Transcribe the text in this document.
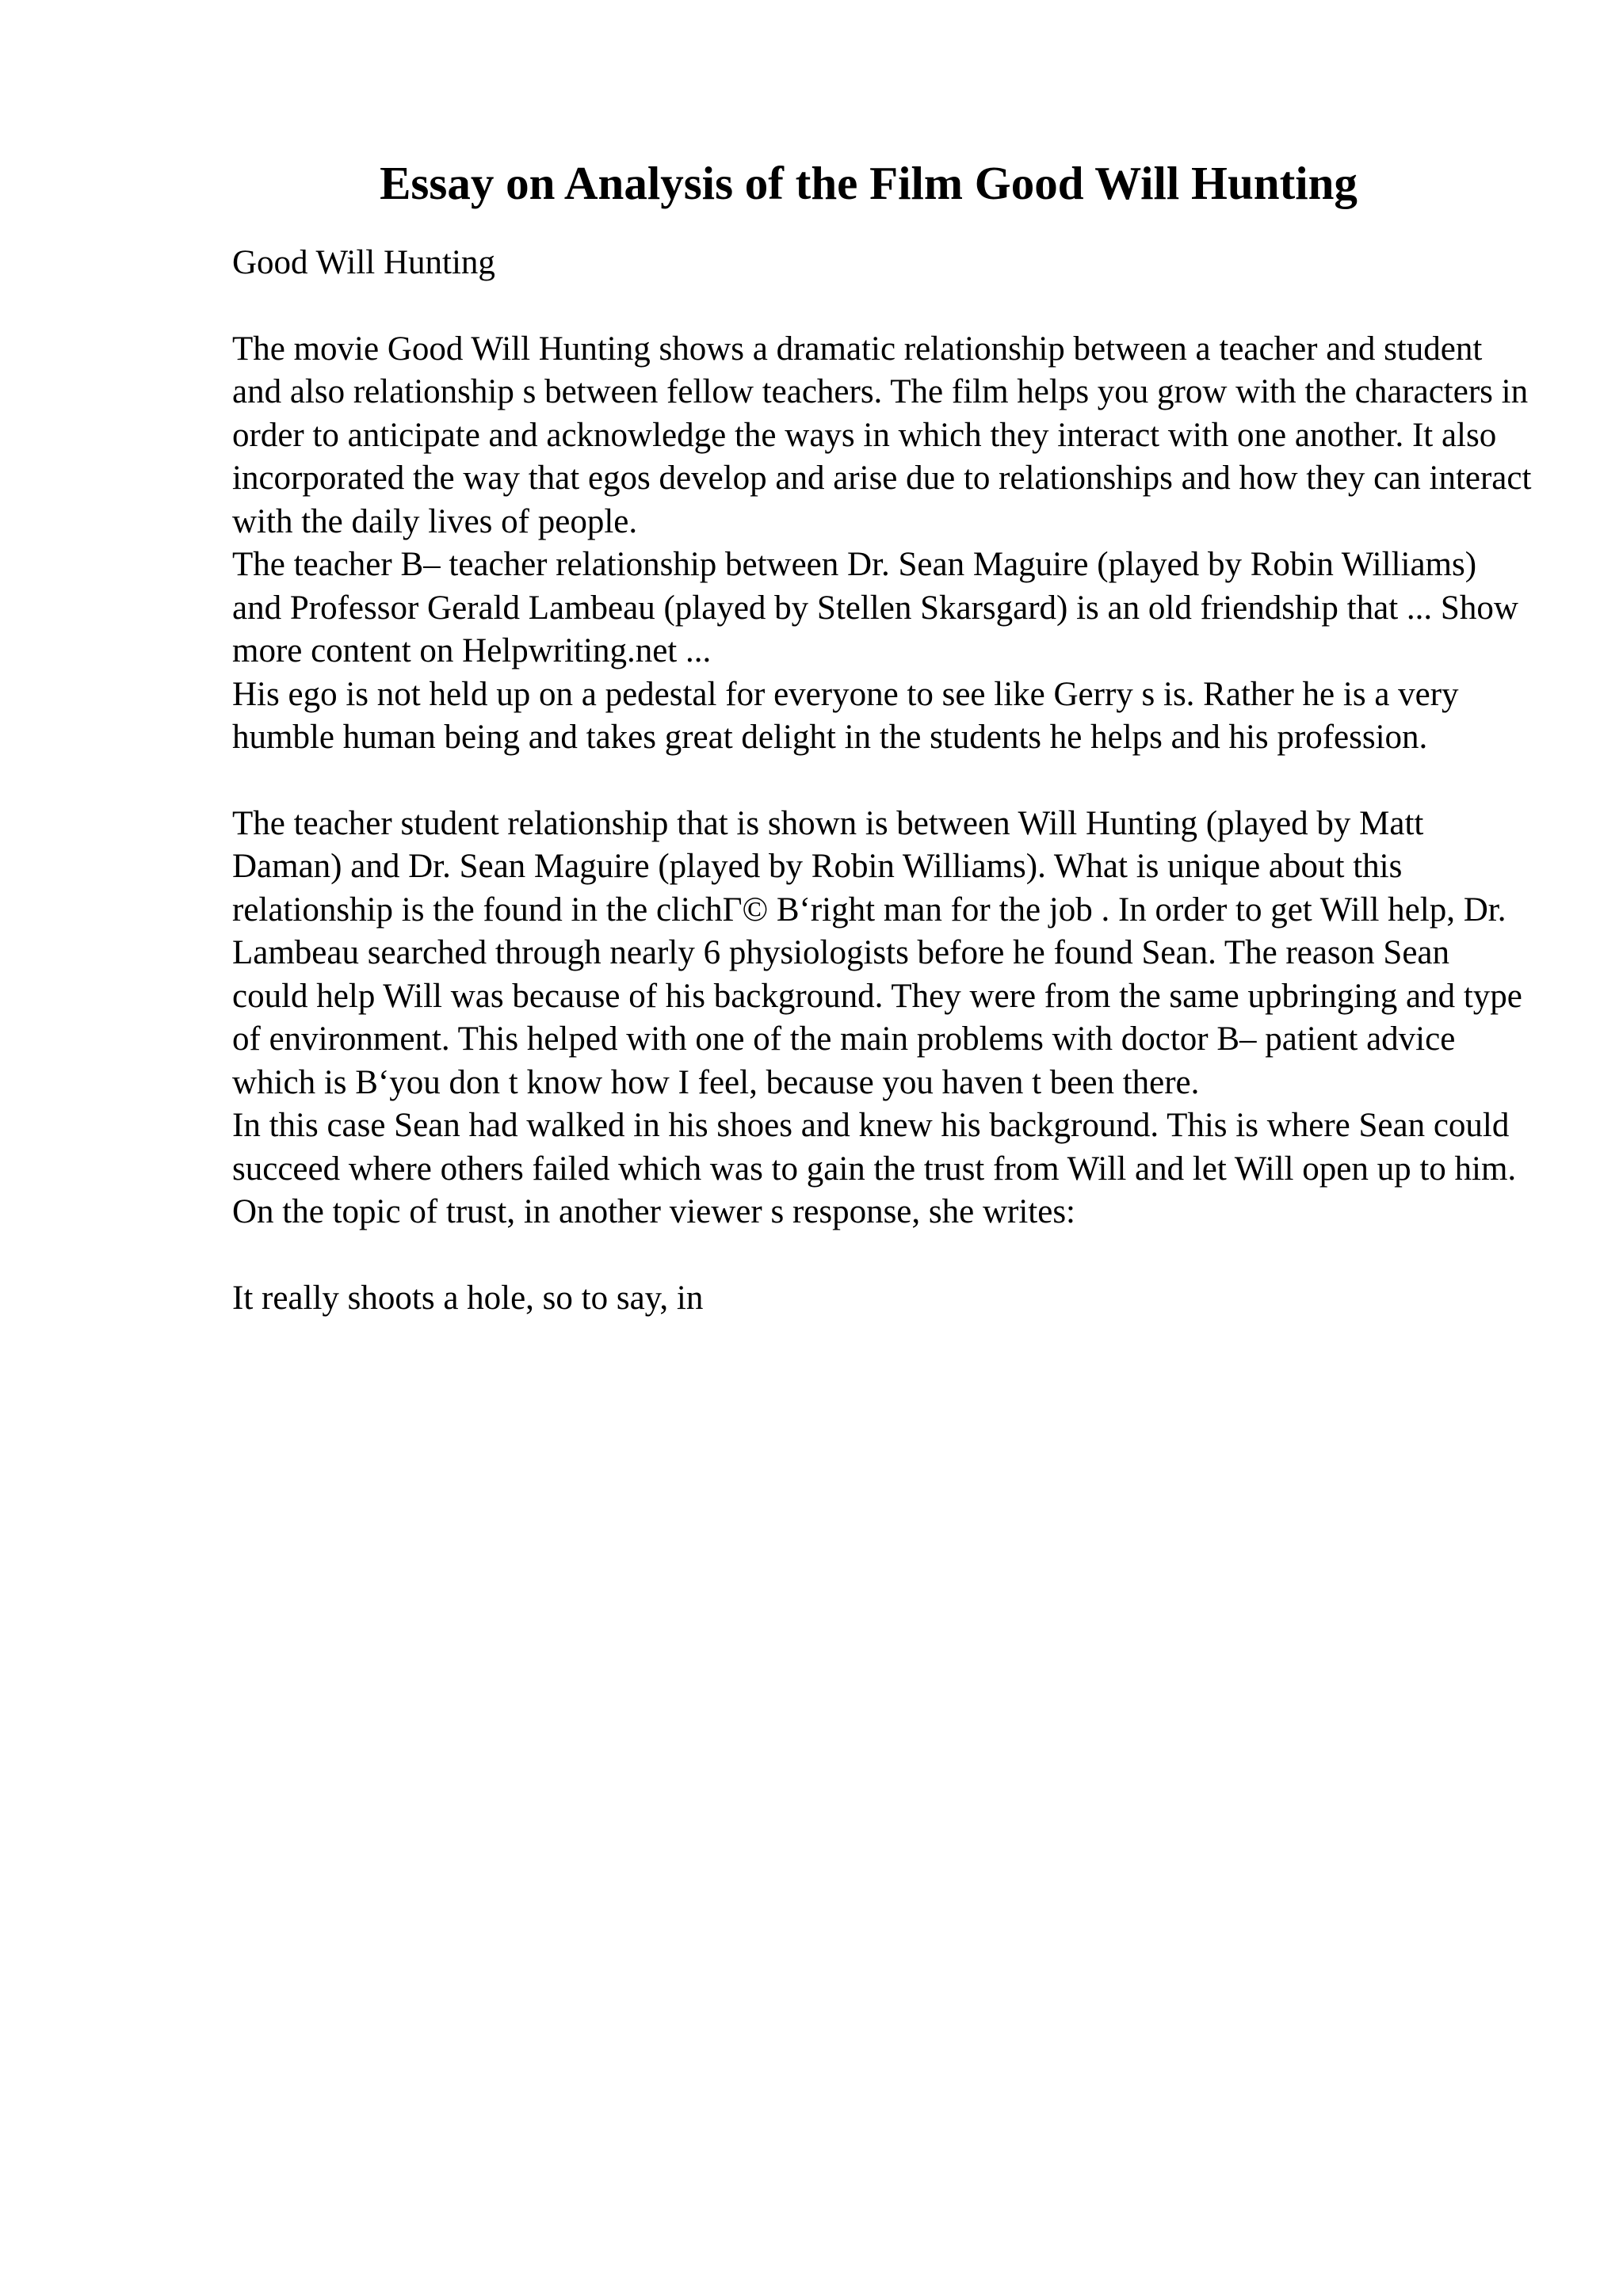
Essay on Analysis of the Film Good Will Hunting

Good Will Hunting

The movie Good Will Hunting shows a dramatic relationship between a teacher and student and also relationship s between fellow teachers. The film helps you grow with the characters in order to anticipate and acknowledge the ways in which they interact with one another. It also incorporated the way that egos develop and arise due to relationships and how they can interact with the daily lives of people.

The teacher B– teacher relationship between Dr. Sean Maguire (played by Robin Williams) and Professor Gerald Lambeau (played by Stellen Skarsgard) is an old friendship that ... Show more content on Helpwriting.net ...

His ego is not held up on a pedestal for everyone to see like Gerry s is. Rather he is a very humble human being and takes great delight in the students he helps and his profession.

The teacher student relationship that is shown is between Will Hunting (played by Matt Daman) and Dr. Sean Maguire (played by Robin Williams). What is unique about this relationship is the found in the clichΓ© B‘right man for the job . In order to get Will help, Dr. Lambeau searched through nearly 6 physiologists before he found Sean. The reason Sean could help Will was because of his background. They were from the same upbringing and type of environment. This helped with one of the main problems with doctor B– patient advice which is B‘you don t know how I feel, because you haven t been there.

In this case Sean had walked in his shoes and knew his background. This is where Sean could succeed where others failed which was to gain the trust from Will and let Will open up to him. On the topic of trust, in another viewer s response, she writes:

It really shoots a hole, so to say, in
